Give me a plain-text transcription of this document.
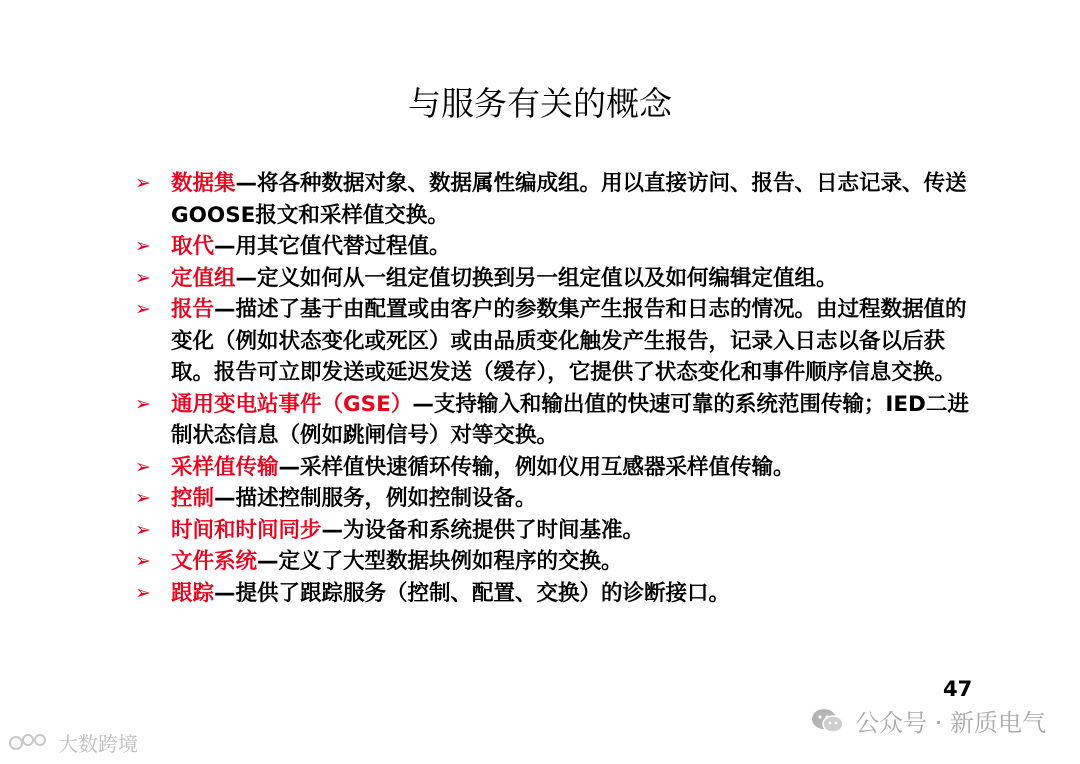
与服务有关的概念
➢ 数据集—将各种数据对象、数据属性编成组。用以直接访问、报告、日志记录、传送GOOSE报文和采样值交换。
➢ 取代—用其它值代替过程值。
➢ 定值组—定义如何从一组定值切换到另一组定值以及如何编辑定值组。
➢ 报告—描述了基于由配置或由客户的参数集产生报告和日志的情况。由过程数据值的变化（例如状态变化或死区）或由品质变化触发产生报告，记录入日志以备以后获取。报告可立即发送或延迟发送（缓存），它提供了状态变化和事件顺序信息交换。
➢ 通用变电站事件（GSE）—支持输入和输出值的快速可靠的系统范围传输；IED二进制状态信息（例如跳闸信号）对等交换。
➢ 采样值传输—采样值快速循环传输，例如仪用互感器采样值传输。
➢ 控制—描述控制服务，例如控制设备。
➢ 时间和时间同步—为设备和系统提供了时间基准。
➢ 文件系统—定义了大型数据块例如程序的交换。
➢ 跟踪—提供了跟踪服务（控制、配置、交换）的诊断接口。
47
公众号 · 新质电气
大数跨境
